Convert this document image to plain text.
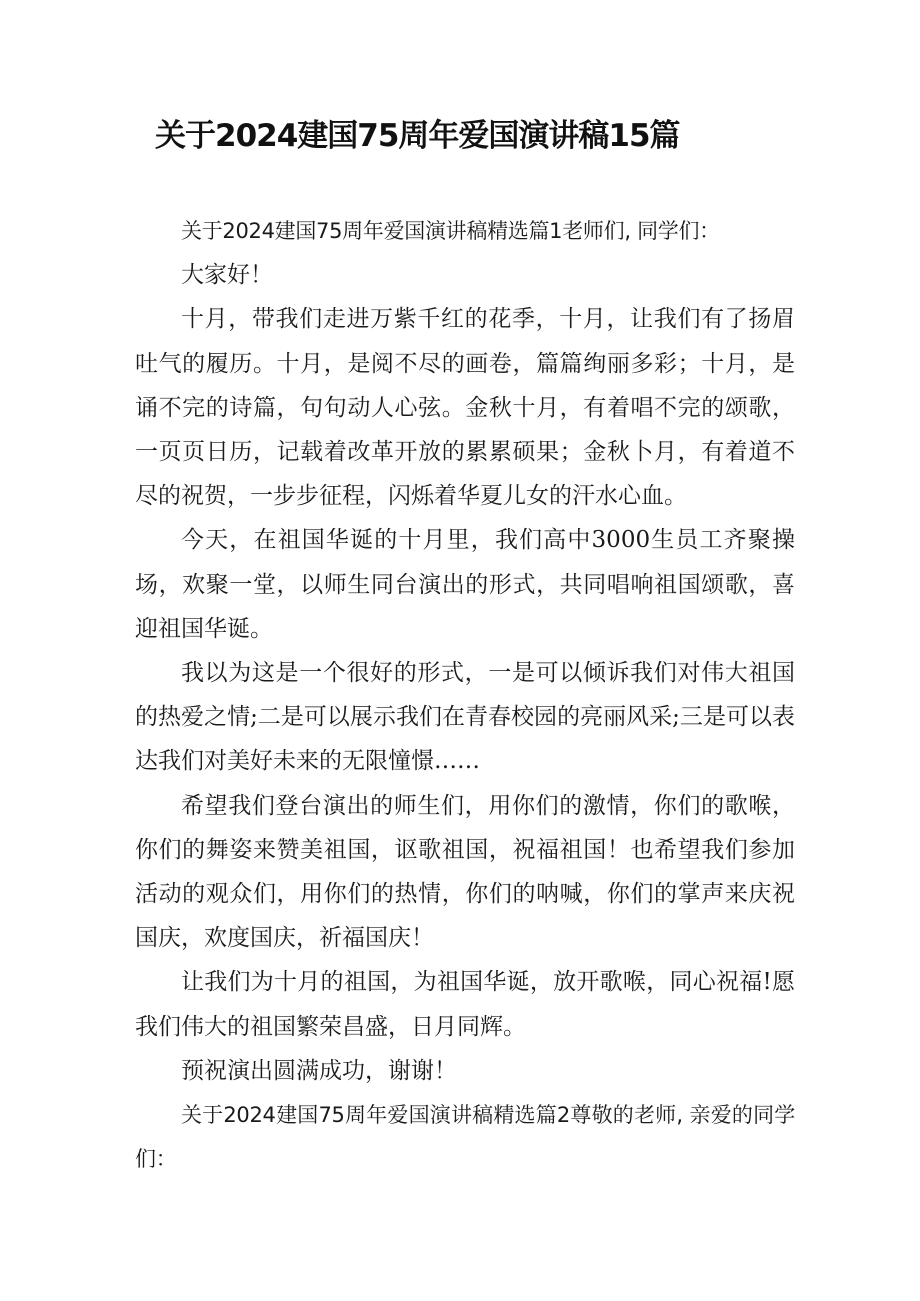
关于2024建国75周年爱国演讲稿15篇

关于2024建国75周年爱国演讲稿精选篇1老师们, 同学们：

大家好！

十月，带我们走进万紫千红的花季，十月，让我们有了扬眉吐气的履历。十月，是阅不尽的画卷，篇篇绚丽多彩；十月，是诵不完的诗篇，句句动人心弦。金秋十月，有着唱不完的颂歌，一页页日历，记载着改革开放的累累硕果；金秋卜月，有着道不尽的祝贺，一步步征程，闪烁着华夏儿女的汗水心血。

今天，在祖国华诞的十月里，我们高中3000生员工齐聚操场，欢聚一堂，以师生同台演出的形式，共同唱响祖国颂歌，喜迎祖国华诞。

我以为这是一个很好的形式，一是可以倾诉我们对伟大祖国的热爱之情;二是可以展示我们在青春校园的亮丽风采;三是可以表达我们对美好未来的无限憧憬……

希望我们登台演出的师生们，用你们的激情，你们的歌喉，你们的舞姿来赞美祖国，讴歌祖国，祝福祖国！也希望我们参加活动的观众们，用你们的热情，你们的呐喊，你们的掌声来庆祝国庆，欢度国庆，祈福国庆！

让我们为十月的祖国，为祖国华诞，放开歌喉，同心祝福!愿我们伟大的祖国繁荣昌盛，日月同辉。

预祝演出圆满成功，谢谢！

关于2024建国75周年爱国演讲稿精选篇2尊敬的老师, 亲爱的同学们：
